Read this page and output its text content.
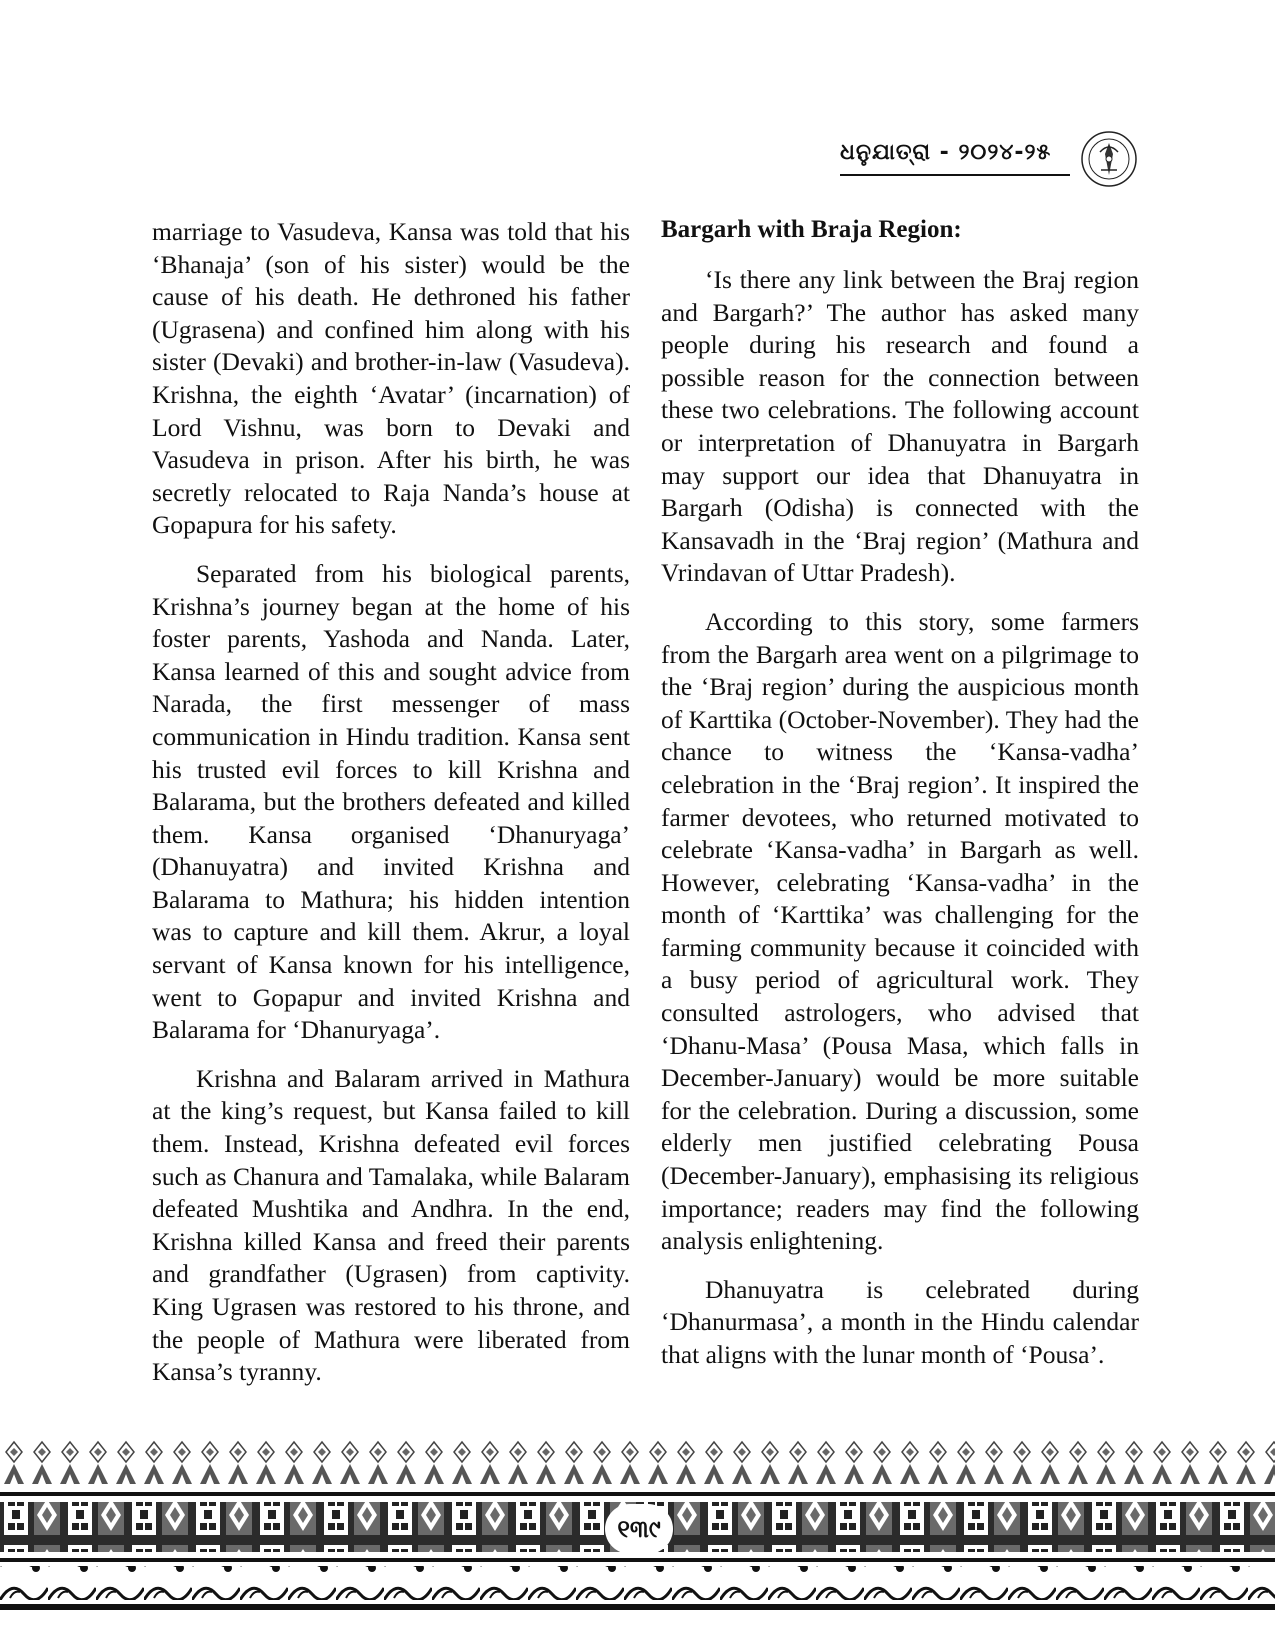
ଧନୁଯାତ୍ରା - ୨୦୨୪-୨୫

marriage to Vasudeva, Kansa was told that his ‘Bhanaja’ (son of his sister) would be the cause of his death. He dethroned his father (Ugrasena) and confined him along with his sister (Devaki) and brother-in-law (Vasudeva). Krishna, the eighth ‘Avatar’ (incarnation) of Lord Vishnu, was born to Devaki and Vasudeva in prison. After his birth, he was secretly relocated to Raja Nanda’s house at Gopapura for his safety.

Separated from his biological parents, Krishna’s journey began at the home of his foster parents, Yashoda and Nanda. Later, Kansa learned of this and sought advice from Narada, the first messenger of mass communication in Hindu tradition. Kansa sent his trusted evil forces to kill Krishna and Balarama, but the brothers defeated and killed them. Kansa organised ‘Dhanuryaga’ (Dhanuyatra) and invited Krishna and Balarama to Mathura; his hidden intention was to capture and kill them. Akrur, a loyal servant of Kansa known for his intelligence, went to Gopapur and invited Krishna and Balarama for ‘Dhanuryaga’.

Krishna and Balaram arrived in Mathura at the king’s request, but Kansa failed to kill them. Instead, Krishna defeated evil forces such as Chanura and Tamalaka, while Balaram defeated Mushtika and Andhra. In the end, Krishna killed Kansa and freed their parents and grandfather (Ugrasen) from captivity. King Ugrasen was restored to his throne, and the people of Mathura were liberated from Kansa’s tyranny.

Bargarh with Braja Region:

‘Is there any link between the Braj region and Bargarh?’ The author has asked many people during his research and found a possible reason for the connection between these two celebrations. The following account or interpretation of Dhanuyatra in Bargarh may support our idea that Dhanuyatra in Bargarh (Odisha) is connected with the Kansavadh in the ‘Braj region’ (Mathura and Vrindavan of Uttar Pradesh).

According to this story, some farmers from the Bargarh area went on a pilgrimage to the ‘Braj region’ during the auspicious month of Karttika (October-November). They had the chance to witness the ‘Kansa-vadha’ celebration in the ‘Braj region’. It inspired the farmer devotees, who returned motivated to celebrate ‘Kansa-vadha’ in Bargarh as well. However, celebrating ‘Kansa-vadha’ in the month of ‘Karttika’ was challenging for the farming community because it coincided with a busy period of agricultural work. They consulted astrologers, who advised that ‘Dhanu-Masa’ (Pousa Masa, which falls in December-January) would be more suitable for the celebration. During a discussion, some elderly men justified celebrating Pousa (December-January), emphasising its religious importance; readers may find the following analysis enlightening.

Dhanuyatra is celebrated during ‘Dhanurmasa’, a month in the Hindu calendar that aligns with the lunar month of ‘Pousa’.

୧୩୯
